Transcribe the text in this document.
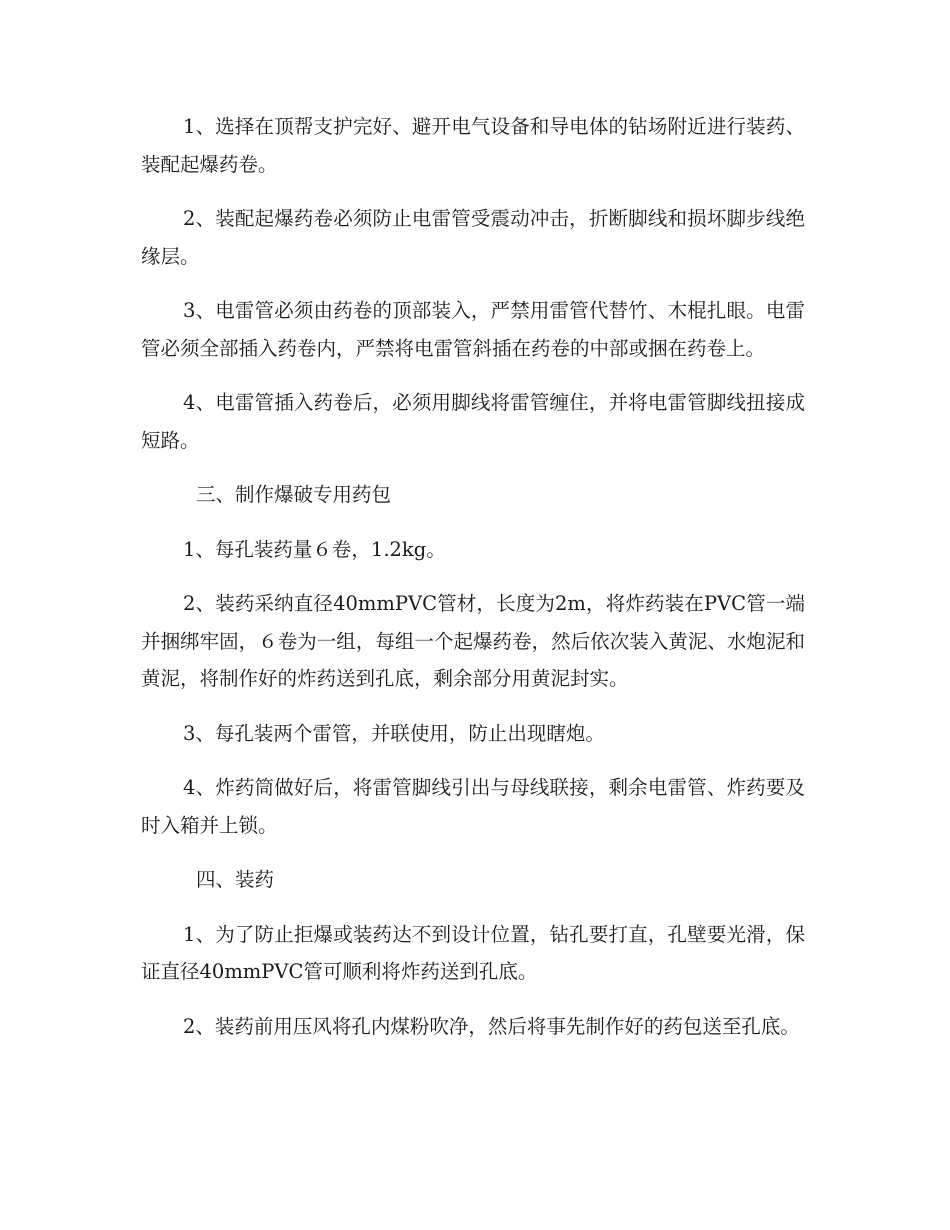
1、选择在顶帮支护完好、避开电气设备和导电体的钻场附近进行装药、装配起爆药卷。

2、装配起爆药卷必须防止电雷管受震动冲击，折断脚线和损坏脚步线绝缘层。

3、电雷管必须由药卷的顶部装入，严禁用雷管代替竹、木棍扎眼。电雷管必须全部插入药卷内，严禁将电雷管斜插在药卷的中部或捆在药卷上。

4、电雷管插入药卷后，必须用脚线将雷管缠住，并将电雷管脚线扭接成短路。

三、制作爆破专用药包

1、每孔装药量６卷，1.2kg。

2、装药采纳直径40mmPVC管材，长度为2m，将炸药装在PVC管一端并捆绑牢固，６卷为一组，每组一个起爆药卷，然后依次装入黄泥、水炮泥和黄泥，将制作好的炸药送到孔底，剩余部分用黄泥封实。

3、每孔装两个雷管，并联使用，防止出现瞎炮。

4、炸药筒做好后，将雷管脚线引出与母线联接，剩余电雷管、炸药要及时入箱并上锁。

四、装药

1、为了防止拒爆或装药达不到设计位置，钻孔要打直，孔壁要光滑，保证直径40mmPVC管可顺利将炸药送到孔底。

2、装药前用压风将孔内煤粉吹净，然后将事先制作好的药包送至孔底。
